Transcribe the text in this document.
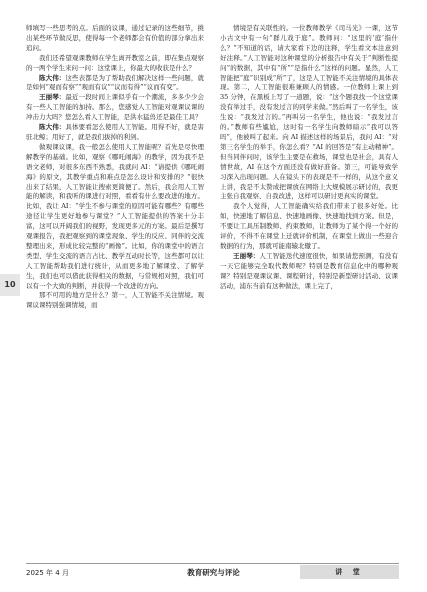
师填写一些思考的点。后面的议课，通过记录的这些细节，挑出某些环节做反思，使得每一个老师都会有价值的部分拿出来追问。

我们还希望观课教师在学生离开教室之前，即在集点观察的一两个学生来问一问：这堂课上，你最大的收获是什么？

陈大伟：这些表都是为了帮助我们解决这样一些问题，就是如何“观而有察”“观而有议”“议而有得”“议而有变”。

王丽琴：最近一段时间上课似乎有一个潮流，多多少少会有一些人工智能的加持。那么，您感觉人工智能对观课议课的冲击力大吗？您怎么看人工智能，是洪水猛兽还是最佳工具？

陈大伟：具体要看怎么使用人工智能。用得不好，就是害驻北鲸；用好了，就是我们拔掉的利剑。

做观课议课，我一般怎么使用人工智能呢？首先是尽快理解教学的基础。比如，观察《哪吒闹海》的教学，因为我不是语文老师，对很多东西不熟悉，我就问 AI：“请提供《哪吒闹海》的原文，其教学重点和难点是怎么设计和安排的？”很快出来了结果，人工智能让搜索更简便了。然后，我会用人工智能的解读，和我听的课进行对照，看看有什么要改进的地方。比如，我让 AI：“学生不参与课堂的原因可能有哪些？有哪些途径让学生更好地参与课堂？”人工智能提供的答案十分丰富，这可以开阔我们的视野，发现更多元的方案。最后是撰写观课报告，我把观察到的课堂现象、学生的反应、同伴的交流整理出来，形成比较完整的“画像”。比如，你的课堂中的语言类型、学生交流的语言占比、教学互动时长等，这些都可以让人工智能帮助我们进行统计，从而更多地了解课堂、了解学生，我们也可以借此获得相关的数据，与常规相对照，我们可以有一个大致的判断，并获得一个改进的方向。

那不可用的地方是什么？第一，人工智能不关注情境。观课议课特别强调情境，而

情境是有关联性的。一位教师教学《司马光》一课，这节小古文中有一句“群儿戏于庭”。教师问：“这里的‘庭’指什么？”不知道的话，请大家看下边的注释，学生看文本注意到好注释。”人工智能对这种课堂的分析报告中有关于“判断性提问”的数据，其中有“所”“是指什么”这样的问题。显然，人工智能把“庭”识别成“所”了，这是人工智能不关注情境的具体表现。第二，人工智能很难兼顾人的情感。一位教师上课上到 35 分钟，在黑板上写了一道题，说：“这个题我找一个这堂课没有举过手，没有发过言的同学来做。”然后叫了一名学生，该生说：“我发过言的。”再叫另一名学生，他也说：“我发过言的。”教师有些尴尬，这时有一名学生向教师暗示“我可以答吗”，他被叫了起来。向 AI 描述这样的场景后，我问 AI：“对第三名学生的举手，你怎么看？”AI 的回答是“有主动精神”。但当同伴问时，该学生主要是在救场，课堂也是社会，具有人情世故，AI 在这个方面还没有做好准备。第三，可能导致学习深入出现问题。人在镜头下的表现是不一样的，从这个意义上讲，我是不太赞成把课放在网络上大规模展示研讨的，我更主张自我观察、自我改进，这样可以研讨更真实的课堂。

我个人觉得，人工智能确实给我们带来了很多好处。比如，快速地了解信息、快速地画像、快速地找到方案。但是，不要让工具压制教师、约束教师，让教师为了某个得一个好的评价，不得不在课堂上迁就评价机制，在课堂上做出一些迎合数据的行为，那就可能南辕北辙了。

王丽琴：人工智能迭代速度很快，如果请您预测，有没有一天它能够完全取代教师呢？特别是教育信息化中的哪种观课？特别是观课议课、课程研讨，特别是新型研讨活动、议课活动，浦东当前有这种做法，课上完了，

10
2025 年 4 月	教育研究与评论	讲 堂
